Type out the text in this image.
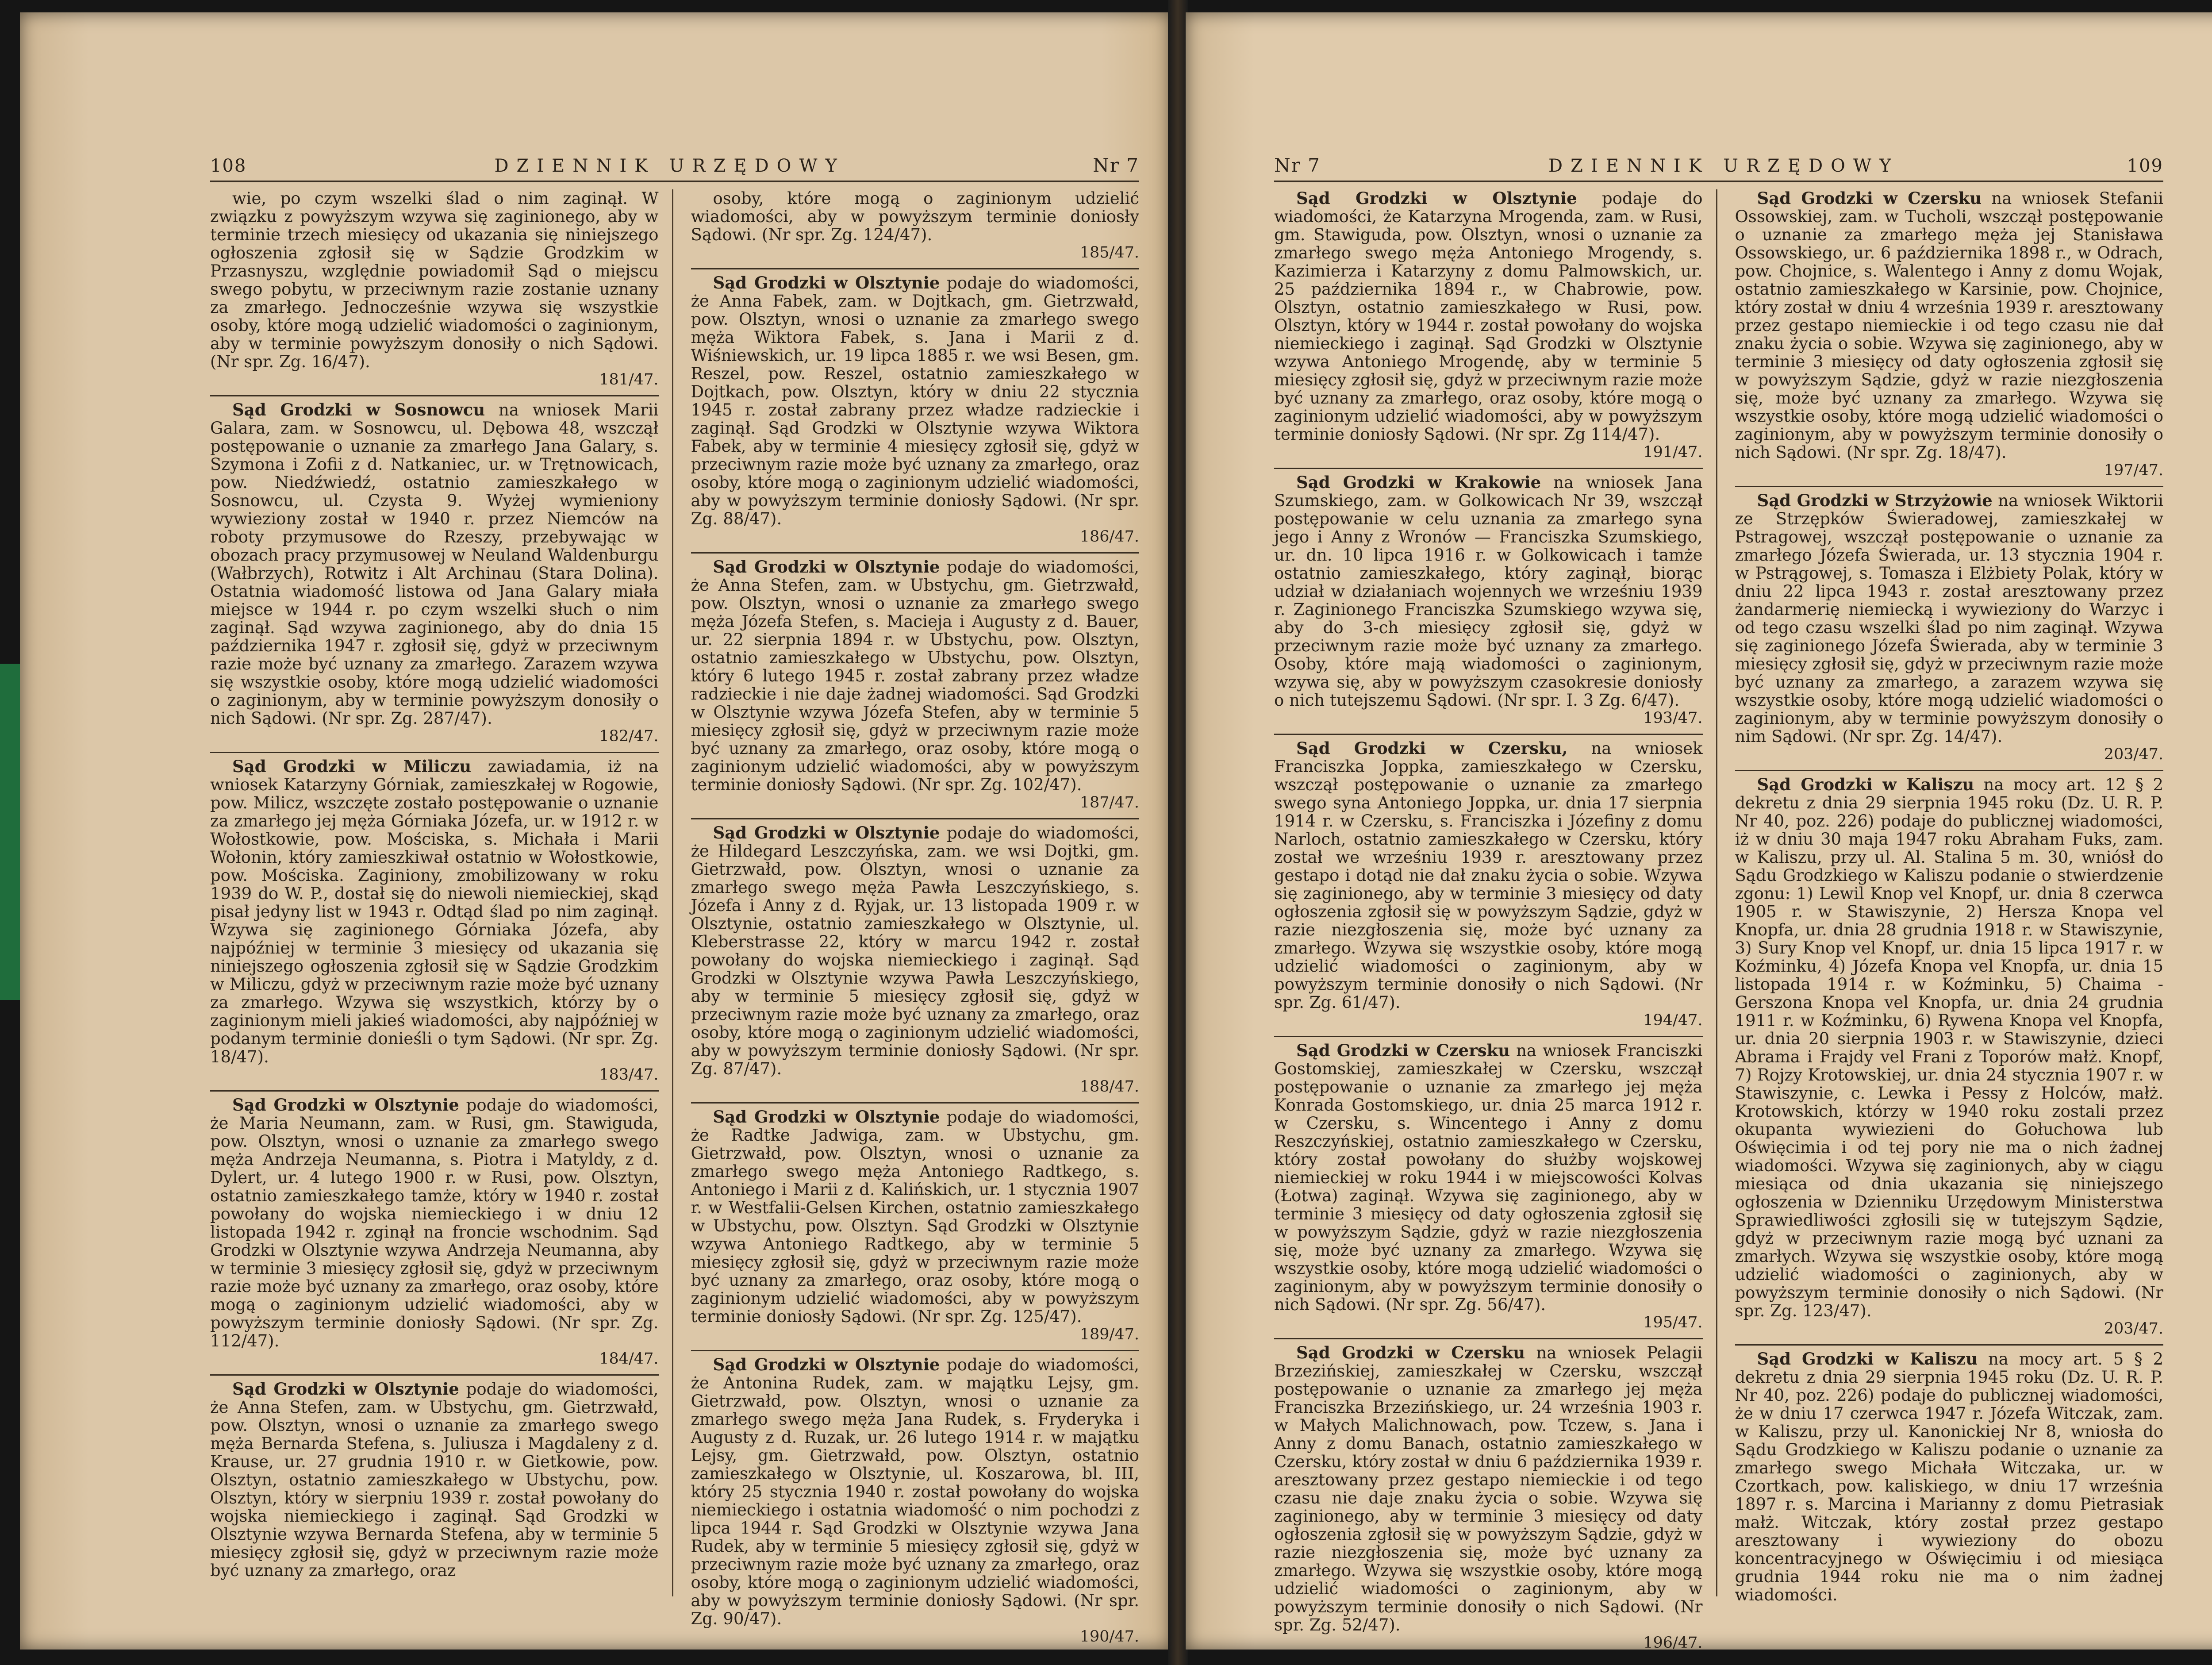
108	DZIENNIK URZĘDOWY	Nr 7

wie, po czym wszelki ślad o nim zaginął. W związku z powyższym wzywa się zaginionego, aby w terminie trzech miesięcy od ukazania się niniejszego ogłoszenia zgłosił się w Sądzie Grodzkim w Przasnyszu, względnie powiadomił Sąd o miejscu swego pobytu, w przeciwnym razie zostanie uznany za zmarłego. Jednocześnie wzywa się wszystkie osoby, które mogą udzielić wiadomości o zaginionym, aby w terminie powyższym donosiły o nich Sądowi. (Nr spr. Zg. 16/47).

181/47.

Sąd Grodzki w Sosnowcu na wniosek Marii Galara, zam. w Sosnowcu, ul. Dębowa 48, wszczął postępowanie o uznanie za zmarłego Jana Galary, s. Szymona i Zofii z d. Natkaniec, ur. w Trętnowicach, pow. Niedźwiedź, ostatnio zamieszkałego w Sosnowcu, ul. Czysta 9. Wyżej wymieniony wywieziony został w 1940 r. przez Niemców na roboty przymusowe do Rzeszy, przebywając w obozach pracy przymusowej w Neuland Waldenburgu (Wałbrzych), Rotwitz i Alt Archinau (Stara Dolina). Ostatnia wiadomość listowa od Jana Galary miała miejsce w 1944 r. po czym wszelki słuch o nim zaginął. Sąd wzywa zaginionego, aby do dnia 15 października 1947 r. zgłosił się, gdyż w przeciwnym razie może być uznany za zmarłego. Zarazem wzywa się wszystkie osoby, które mogą udzielić wiadomości o zaginionym, aby w terminie powyższym donosiły o nich Sądowi. (Nr spr. Zg. 287/47).

182/47.

Sąd Grodzki w Miliczu zawiadamia, iż na wniosek Katarzyny Górniak, zamieszkałej w Rogowie, pow. Milicz, wszczęte zostało postępowanie o uznanie za zmarłego jej męża Górniaka Józefa, ur. w 1912 r. w Wołostkowie, pow. Mościska, s. Michała i Marii Wołonin, który zamieszkiwał ostatnio w Wołostkowie, pow. Mościska. Zaginiony, zmobilizowany w roku 1939 do W. P., dostał się do niewoli niemieckiej, skąd pisał jedyny list w 1943 r. Odtąd ślad po nim zaginął. Wzywa się zaginionego Górniaka Józefa, aby najpóźniej w terminie 3 miesięcy od ukazania się niniejszego ogłoszenia zgłosił się w Sądzie Grodzkim w Miliczu, gdyż w przeciwnym razie może być uznany za zmarłego. Wzywa się wszystkich, którzy by o zaginionym mieli jakieś wiadomości, aby najpóźniej w podanym terminie donieśli o tym Sądowi. (Nr spr. Zg. 18/47).

183/47.

Sąd Grodzki w Olsztynie podaje do wiadomości, że Maria Neumann, zam. w Rusi, gm. Stawiguda, pow. Olsztyn, wnosi o uznanie za zmarłego swego męża Andrzeja Neumanna, s. Piotra i Matyldy, z d. Dylert, ur. 4 lutego 1900 r. w Rusi, pow. Olsztyn, ostatnio zamieszkałego tamże, który w 1940 r. został powołany do wojska niemieckiego i w dniu 12 listopada 1942 r. zginął na froncie wschodnim. Sąd Grodzki w Olsztynie wzywa Andrzeja Neumanna, aby w terminie 3 miesięcy zgłosił się, gdyż w przeciwnym razie może być uznany za zmarłego, oraz osoby, które mogą o zaginionym udzielić wiadomości, aby w powyższym terminie doniosły Sądowi. (Nr spr. Zg. 112/47).

184/47.

Sąd Grodzki w Olsztynie podaje do wiadomości, że Anna Stefen, zam. w Ubstychu, gm. Gietrzwałd, pow. Olsztyn, wnosi o uznanie za zmarłego swego męża Bernarda Stefena, s. Juliusza i Magdaleny z d. Krause, ur. 27 grudnia 1910 r. w Gietkowie, pow. Olsztyn, ostatnio zamieszkałego w Ubstychu, pow. Olsztyn, który w sierpniu 1939 r. został powołany do wojska niemieckiego i zaginął. Sąd Grodzki w Olsztynie wzywa Bernarda Stefena, aby w terminie 5 miesięcy zgłosił się, gdyż w przeciwnym razie może być uznany za zmarłego, oraz

osoby, które mogą o zaginionym udzielić wiadomości, aby w powyższym terminie doniosły Sądowi. (Nr spr. Zg. 124/47).

185/47.

Sąd Grodzki w Olsztynie podaje do wiadomości, że Anna Fabek, zam. w Dojtkach, gm. Gietrzwałd, pow. Olsztyn, wnosi o uznanie za zmarłego swego męża Wiktora Fabek, s. Jana i Marii z d. Wiśniewskich, ur. 19 lipca 1885 r. we wsi Besen, gm. Reszel, pow. Reszel, ostatnio zamieszkałego w Dojtkach, pow. Olsztyn, który w dniu 22 stycznia 1945 r. został zabrany przez władze radzieckie i zaginął. Sąd Grodzki w Olsztynie wzywa Wiktora Fabek, aby w terminie 4 miesięcy zgłosił się, gdyż w przeciwnym razie może być uznany za zmarłego, oraz osoby, które mogą o zaginionym udzielić wiadomości, aby w powyższym terminie doniosły Sądowi. (Nr spr. Zg. 88/47).

186/47.

Sąd Grodzki w Olsztynie podaje do wiadomości, że Anna Stefen, zam. w Ubstychu, gm. Gietrzwałd, pow. Olsztyn, wnosi o uznanie za zmarłego swego męża Józefa Stefen, s. Macieja i Augusty z d. Bauer, ur. 22 sierpnia 1894 r. w Ubstychu, pow. Olsztyn, ostatnio zamieszkałego w Ubstychu, pow. Olsztyn, który 6 lutego 1945 r. został zabrany przez władze radzieckie i nie daje żadnej wiadomości. Sąd Grodzki w Olsztynie wzywa Józefa Stefen, aby w terminie 5 miesięcy zgłosił się, gdyż w przeciwnym razie może być uznany za zmarłego, oraz osoby, które mogą o zaginionym udzielić wiadomości, aby w powyższym terminie doniosły Sądowi. (Nr spr. Zg. 102/47).

187/47.

Sąd Grodzki w Olsztynie podaje do wiadomości, że Hildegard Leszczyńska, zam. we wsi Dojtki, gm. Gietrzwałd, pow. Olsztyn, wnosi o uznanie za zmarłego swego męża Pawła Leszczyńskiego, s. Józefa i Anny z d. Ryjak, ur. 13 listopada 1909 r. w Olsztynie, ostatnio zamieszkałego w Olsztynie, ul. Kleberstrasse 22, który w marcu 1942 r. został powołany do wojska niemieckiego i zaginął. Sąd Grodzki w Olsztynie wzywa Pawła Leszczyńskiego, aby w terminie 5 miesięcy zgłosił się, gdyż w przeciwnym razie może być uznany za zmarłego, oraz osoby, które mogą o zaginionym udzielić wiadomości, aby w powyższym terminie doniosły Sądowi. (Nr spr. Zg. 87/47).

188/47.

Sąd Grodzki w Olsztynie podaje do wiadomości, że Radtke Jadwiga, zam. w Ubstychu, gm. Gietrzwałd, pow. Olsztyn, wnosi o uznanie za zmarłego swego męża Antoniego Radtkego, s. Antoniego i Marii z d. Kalińskich, ur. 1 stycznia 1907 r. w Westfalii-Gelsen Kirchen, ostatnio zamieszkałego w Ubstychu, pow. Olsztyn. Sąd Grodzki w Olsztynie wzywa Antoniego Radtkego, aby w terminie 5 miesięcy zgłosił się, gdyż w przeciwnym razie może być uznany za zmarłego, oraz osoby, które mogą o zaginionym udzielić wiadomości, aby w powyższym terminie doniosły Sądowi. (Nr spr. Zg. 125/47).

189/47.

Sąd Grodzki w Olsztynie podaje do wiadomości, że Antonina Rudek, zam. w majątku Lejsy, gm. Gietrzwałd, pow. Olsztyn, wnosi o uznanie za zmarłego swego męża Jana Rudek, s. Fryderyka i Augusty z d. Ruzak, ur. 26 lutego 1914 r. w majątku Lejsy, gm. Gietrzwałd, pow. Olsztyn, ostatnio zamieszkałego w Olsztynie, ul. Koszarowa, bl. III, który 25 stycznia 1940 r. został powołany do wojska niemieckiego i ostatnia wiadomość o nim pochodzi z lipca 1944 r. Sąd Grodzki w Olsztynie wzywa Jana Rudek, aby w terminie 5 miesięcy zgłosił się, gdyż w przeciwnym razie może być uznany za zmarłego, oraz osoby, które mogą o zaginionym udzielić wiadomości, aby w powyższym terminie doniosły Sądowi. (Nr spr. Zg. 90/47).

190/47.
Nr 7	DZIENNIK URZĘDOWY	109

Sąd Grodzki w Olsztynie podaje do wiadomości, że Katarzyna Mrogenda, zam. w Rusi, gm. Stawiguda, pow. Olsztyn, wnosi o uznanie za zmarłego swego męża Antoniego Mrogendy, s. Kazimierza i Katarzyny z domu Palmowskich, ur. 25 października 1894 r., w Chabrowie, pow. Olsztyn, ostatnio zamieszkałego w Rusi, pow. Olsztyn, który w 1944 r. został powołany do wojska niemieckiego i zaginął. Sąd Grodzki w Olsztynie wzywa Antoniego Mrogendę, aby w terminie 5 miesięcy zgłosił się, gdyż w przeciwnym razie może być uznany za zmarłego, oraz osoby, które mogą o zaginionym udzielić wiadomości, aby w powyższym terminie doniosły Sądowi. (Nr spr. Zg 114/47).

191/47.

Sąd Grodzki w Krakowie na wniosek Jana Szumskiego, zam. w Golkowicach Nr 39, wszczął postępowanie w celu uznania za zmarłego syna jego i Anny z Wronów — Franciszka Szumskiego, ur. dn. 10 lipca 1916 r. w Golkowicach i tamże ostatnio zamieszkałego, który zaginął, biorąc udział w działaniach wojennych we wrześniu 1939 r. Zaginionego Franciszka Szumskiego wzywa się, aby do 3-ch miesięcy zgłosił się, gdyż w przeciwnym razie może być uznany za zmarłego. Osoby, które mają wiadomości o zaginionym, wzywa się, aby w powyższym czasokresie doniosły o nich tutejszemu Sądowi. (Nr spr. I. 3 Zg. 6/47).

193/47.

Sąd Grodzki w Czersku, na wniosek Franciszka Joppka, zamieszkałego w Czersku, wszczął postępowanie o uznanie za zmarłego swego syna Antoniego Joppka, ur. dnia 17 sierpnia 1914 r. w Czersku, s. Franciszka i Józefiny z domu Narloch, ostatnio zamieszkałego w Czersku, który został we wrześniu 1939 r. aresztowany przez gestapo i dotąd nie dał znaku życia o sobie. Wzywa się zaginionego, aby w terminie 3 miesięcy od daty ogłoszenia zgłosił się w powyższym Sądzie, gdyż w razie niezgłoszenia się, może być uznany za zmarłego. Wzywa się wszystkie osoby, które mogą udzielić wiadomości o zaginionym, aby w powyższym terminie donosiły o nich Sądowi. (Nr spr. Zg. 61/47).

194/47.

Sąd Grodzki w Czersku na wniosek Franciszki Gostomskiej, zamieszkałej w Czersku, wszczął postępowanie o uznanie za zmarłego jej męża Konrada Gostomskiego, ur. dnia 25 marca 1912 r. w Czersku, s. Wincentego i Anny z domu Reszczyńskiej, ostatnio zamieszkałego w Czersku, który został powołany do służby wojskowej niemieckiej w roku 1944 i w miejscowości Kolvas (Łotwa) zaginął. Wzywa się zaginionego, aby w terminie 3 miesięcy od daty ogłoszenia zgłosił się w powyższym Sądzie, gdyż w razie niezgłoszenia się, może być uznany za zmarłego. Wzywa się wszystkie osoby, które mogą udzielić wiadomości o zaginionym, aby w powyższym terminie donosiły o nich Sądowi. (Nr spr. Zg. 56/47).

195/47.

Sąd Grodzki w Czersku na wniosek Pelagii Brzezińskiej, zamieszkałej w Czersku, wszczął postępowanie o uznanie za zmarłego jej męża Franciszka Brzezińskiego, ur. 24 września 1903 r. w Małych Malichnowach, pow. Tczew, s. Jana i Anny z domu Banach, ostatnio zamieszkałego w Czersku, który został w dniu 6 października 1939 r. aresztowany przez gestapo niemieckie i od tego czasu nie daje znaku życia o sobie. Wzywa się zaginionego, aby w terminie 3 miesięcy od daty ogłoszenia zgłosił się w powyższym Sądzie, gdyż w razie niezgłoszenia się, może być uznany za zmarłego. Wzywa się wszystkie osoby, które mogą udzielić wiadomości o zaginionym, aby w powyższym terminie donosiły o nich Sądowi. (Nr spr. Zg. 52/47).

196/47.

Sąd Grodzki w Czersku na wniosek Stefanii Ossowskiej, zam. w Tucholi, wszczął postępowanie o uznanie za zmarłego męża jej Stanisława Ossowskiego, ur. 6 października 1898 r., w Odrach, pow. Chojnice, s. Walentego i Anny z domu Wojak, ostatnio zamieszkałego w Karsinie, pow. Chojnice, który został w dniu 4 września 1939 r. aresztowany przez gestapo niemieckie i od tego czasu nie dał znaku życia o sobie. Wzywa się zaginionego, aby w terminie 3 miesięcy od daty ogłoszenia zgłosił się w powyższym Sądzie, gdyż w razie niezgłoszenia się, może być uznany za zmarłego. Wzywa się wszystkie osoby, które mogą udzielić wiadomości o zaginionym, aby w powyższym terminie donosiły o nich Sądowi. (Nr spr. Zg. 18/47).

197/47.

Sąd Grodzki w Strzyżowie na wniosek Wiktorii ze Strzępków Świeradowej, zamieszkałej w Pstragowej, wszczął postępowanie o uznanie za zmarłego Józefa Świerada, ur. 13 stycznia 1904 r. w Pstrągowej, s. Tomasza i Elżbiety Polak, który w dniu 22 lipca 1943 r. został aresztowany przez żandarmerię niemiecką i wywieziony do Warzyc i od tego czasu wszelki ślad po nim zaginął. Wzywa się zaginionego Józefa Świerada, aby w terminie 3 miesięcy zgłosił się, gdyż w przeciwnym razie może być uznany za zmarłego, a zarazem wzywa się wszystkie osoby, które mogą udzielić wiadomości o zaginionym, aby w terminie powyższym donosiły o nim Sądowi. (Nr spr. Zg. 14/47).

203/47.

Sąd Grodzki w Kaliszu na mocy art. 12 § 2 dekretu z dnia 29 sierpnia 1945 roku (Dz. U. R. P. Nr 40, poz. 226) podaje do publicznej wiadomości, iż w dniu 30 maja 1947 roku Abraham Fuks, zam. w Kaliszu, przy ul. Al. Stalina 5 m. 30, wniósł do Sądu Grodzkiego w Kaliszu podanie o stwierdzenie zgonu: 1) Lewil Knop vel Knopf, ur. dnia 8 czerwca 1905 r. w Stawiszynie, 2) Hersza Knopa vel Knopfa, ur. dnia 28 grudnia 1918 r. w Stawiszynie, 3) Sury Knop vel Knopf, ur. dnia 15 lipca 1917 r. w Koźminku, 4) Józefa Knopa vel Knopfa, ur. dnia 15 listopada 1914 r. w Koźminku, 5) Chaima - Gerszona Knopa vel Knopfa, ur. dnia 24 grudnia 1911 r. w Koźminku, 6) Rywena Knopa vel Knopfa, ur. dnia 20 sierpnia 1903 r. w Stawiszynie, dzieci Abrama i Frajdy vel Frani z Toporów małż. Knopf, 7) Rojzy Krotowskiej, ur. dnia 24 stycznia 1907 r. w Stawiszynie, c. Lewka i Pessy z Holców, małż. Krotowskich, którzy w 1940 roku zostali przez okupanta wywiezieni do Gołuchowa lub Oświęcimia i od tej pory nie ma o nich żadnej wiadomości. Wzywa się zaginionych, aby w ciągu miesiąca od dnia ukazania się niniejszego ogłoszenia w Dzienniku Urzędowym Ministerstwa Sprawiedliwości zgłosili się w tutejszym Sądzie, gdyż w przeciwnym razie mogą być uznani za zmarłych. Wzywa się wszystkie osoby, które mogą udzielić wiadomości o zaginionych, aby w powyższym terminie donosiły o nich Sądowi. (Nr spr. Zg. 123/47).

203/47.

Sąd Grodzki w Kaliszu na mocy art. 5 § 2 dekretu z dnia 29 sierpnia 1945 roku (Dz. U. R. P. Nr 40, poz. 226) podaje do publicznej wiadomości, że w dniu 17 czerwca 1947 r. Józefa Witczak, zam. w Kaliszu, przy ul. Kanonickiej Nr 8, wniosła do Sądu Grodzkiego w Kaliszu podanie o uznanie za zmarłego swego Michała Witczaka, ur. w Czortkach, pow. kaliskiego, w dniu 17 września 1897 r. s. Marcina i Marianny z domu Pietrasiak małż. Witczak, który został przez gestapo aresztowany i wywieziony do obozu koncentracyjnego w Oświęcimiu i od miesiąca grudnia 1944 roku nie ma o nim żadnej wiadomości.
